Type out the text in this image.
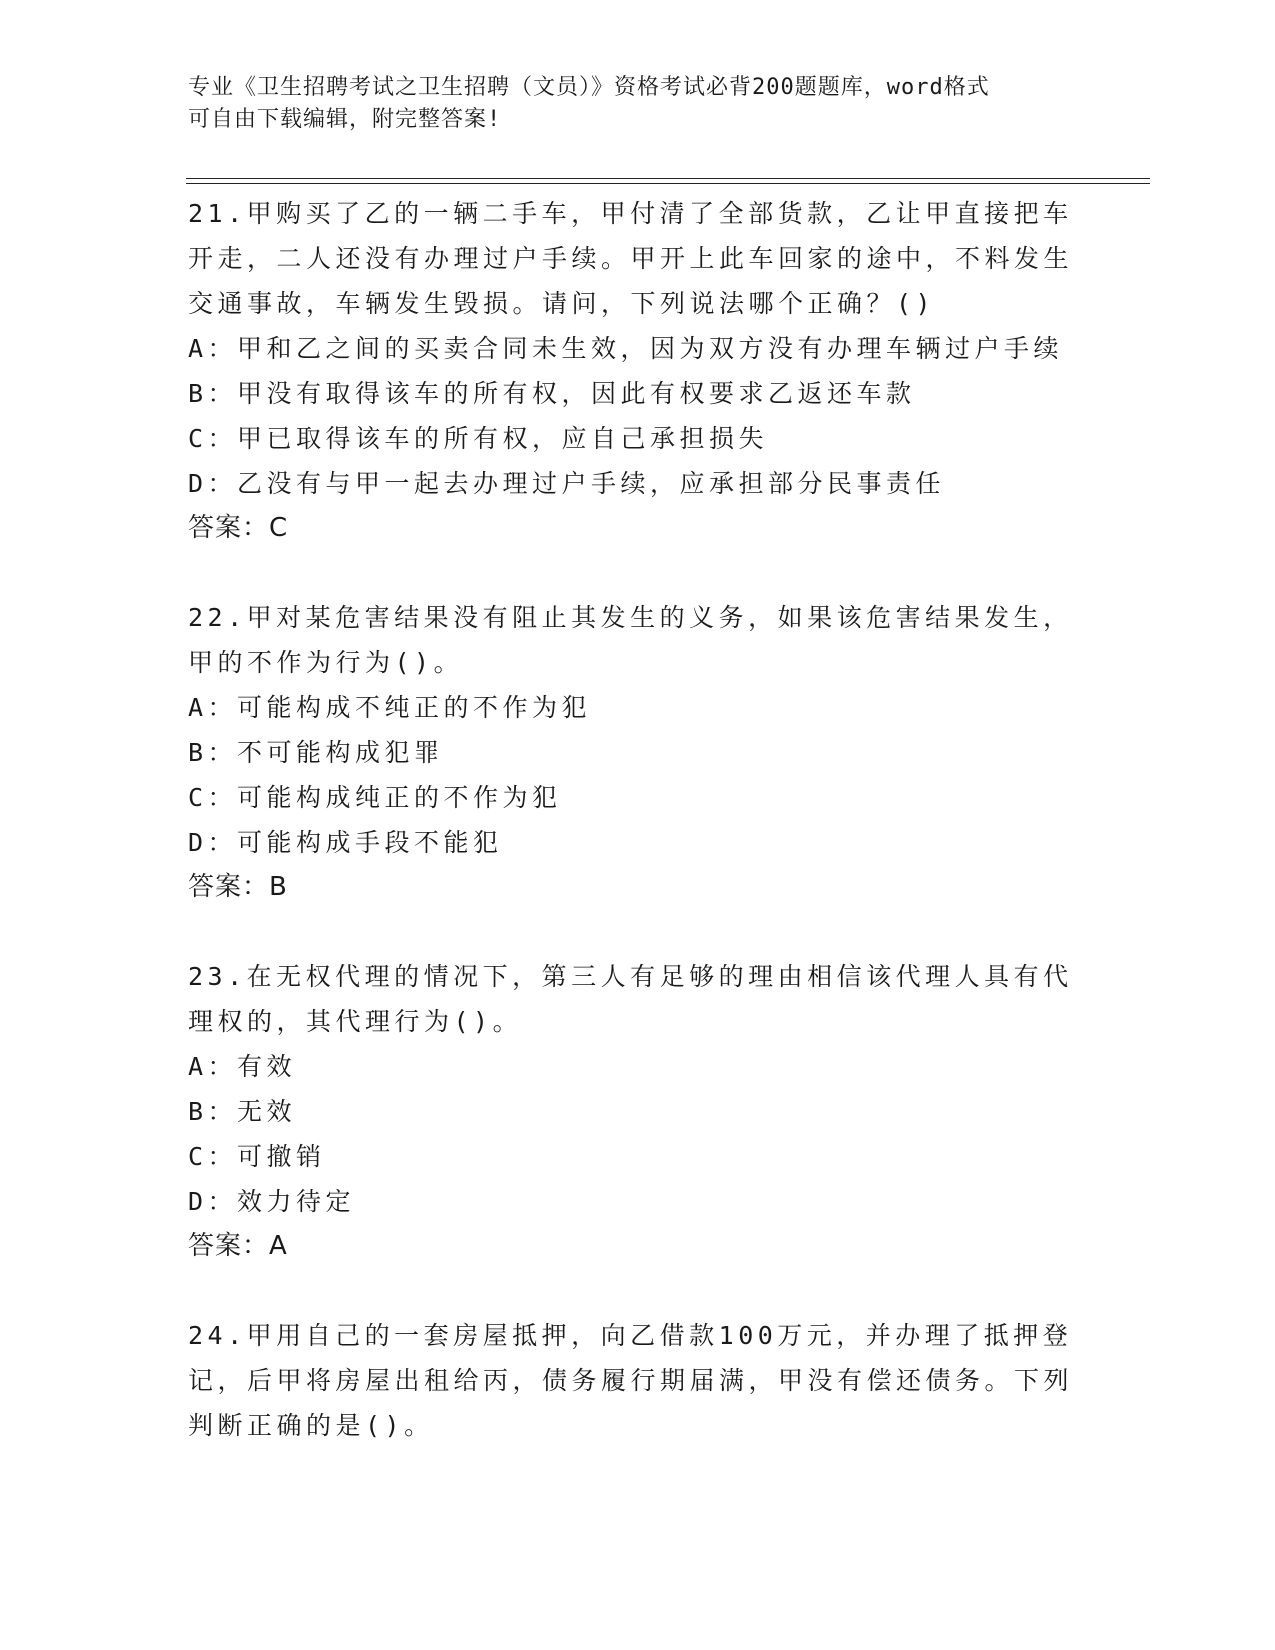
专业《卫生招聘考试之卫生招聘（文员）》资格考试必背200题题库，word格式
可自由下载编辑，附完整答案!
21.甲购买了乙的一辆二手车，甲付清了全部货款，乙让甲直接把车开走，二人还没有办理过户手续。甲开上此车回家的途中，不料发生交通事故，车辆发生毁损。请问，下列说法哪个正确？()
A：甲和乙之间的买卖合同未生效，因为双方没有办理车辆过户手续
B：甲没有取得该车的所有权，因此有权要求乙返还车款
C：甲已取得该车的所有权，应自己承担损失
D：乙没有与甲一起去办理过户手续，应承担部分民事责任
答案：C
22.甲对某危害结果没有阻止其发生的义务，如果该危害结果发生，甲的不作为行为()。
A：可能构成不纯正的不作为犯
B：不可能构成犯罪
C：可能构成纯正的不作为犯
D：可能构成手段不能犯
答案：B
23.在无权代理的情况下，第三人有足够的理由相信该代理人具有代理权的，其代理行为()。
A：有效
B：无效
C：可撤销
D：效力待定
答案：A
24.甲用自己的一套房屋抵押，向乙借款100万元，并办理了抵押登记，后甲将房屋出租给丙，债务履行期届满，甲没有偿还债务。下列判断正确的是()。
